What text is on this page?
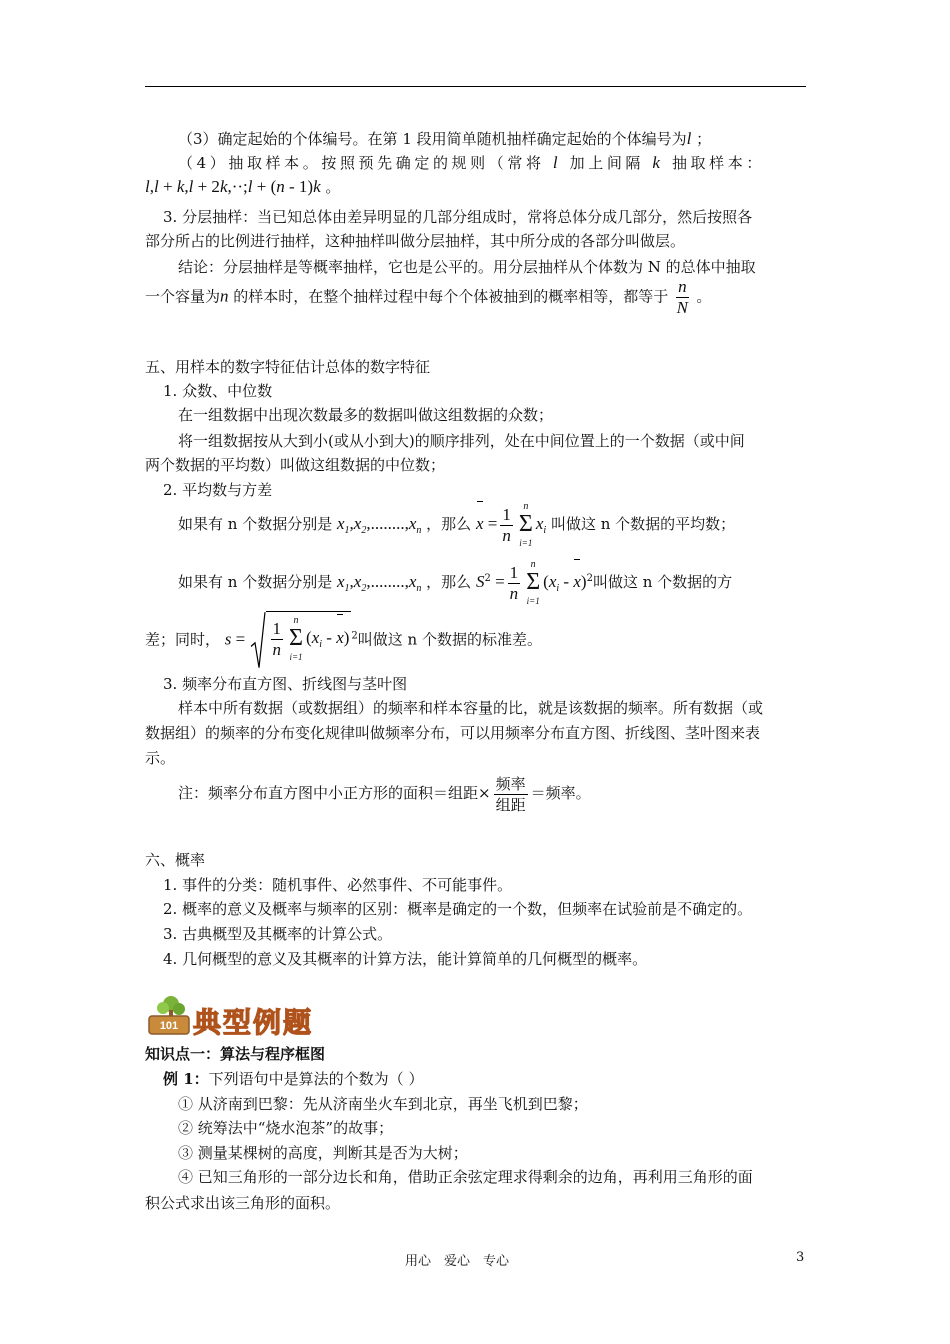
（3）确定起始的个体编号。在第 1 段用简单随机抽样确定起始的个体编号为l ；
（4）抽取样本。按照预先确定的规则（常将 l 加上间隔 k 抽取样本：
l,l + k,l + 2k,··;l + (n - 1)k 。
3. 分层抽样：当已知总体由差异明显的几部分组成时，常将总体分成几部分，然后按照各
部分所占的比例进行抽样，这种抽样叫做分层抽样，其中所分成的各部分叫做层。
结论：分层抽样是等概率抽样，它也是公平的。用分层抽样从个体数为 N 的总体中抽取
一个容量为n 的样本时，在整个抽样过程中每个个体被抽到的概率相等，都等于 $\frac{n}{N}$ 。
五、用样本的数字特征估计总体的数字特征
1. 众数、中位数
在一组数据中出现次数最多的数据叫做这组数据的众数；
将一组数据按从大到小(或从小到大)的顺序排列，处在中间位置上的一个数据（或中间
两个数据的平均数）叫做这组数据的中位数；
2. 平均数与方差
如果有 n 个数据分别是 $x_1,x_2,........,x_n$ ，那么 $x = \frac{1}{n}$	n
Σ
i=1
$x_i$ 叫做这 n 个数据的平均数；
如果有 n 个数据分别是 $x_1,x_2,........,x_n$ ，那么 $S^2 = \frac{1}{n}$	n
Σ
i=1
$(x_i - x)^2$叫做这 n 个数据的方
差；同时， $s = \frac{1}{n}$	n
Σ
i=1
$(x_i - x)$ $^2$叫做这 n 个数据的标准差。
3. 频率分布直方图、折线图与茎叶图
样本中所有数据（或数据组）的频率和样本容量的比，就是该数据的频率。所有数据（或
数据组）的频率的分布变化规律叫做频率分布，可以用频率分布直方图、折线图、茎叶图来表
示。
注：频率分布直方图中小正方形的面积＝组距× $\frac{\text{频率}}{\text{组距}}$ ＝频率。
六、概率
1. 事件的分类：随机事件、必然事件、不可能事件。
2. 概率的意义及概率与频率的区别：概率是确定的一个数，但频率在试验前是不确定的。
3. 古典概型及其概率的计算公式。
4. 几何概型的意义及其概率的计算方法，能计算简单的几何概型的概率。
101 典型例题
知识点一：算法与程序框图
例 1：下列语句中是算法的个数为（ ）
① 从济南到巴黎：先从济南坐火车到北京，再坐飞机到巴黎；
② 统筹法中“烧水泡茶”的故事；
③ 测量某棵树的高度，判断其是否为大树；
④ 已知三角形的一部分边长和角，借助正余弦定理求得剩余的边角，再利用三角形的面
积公式求出该三角形的面积。
用心　爱心　专心	3
